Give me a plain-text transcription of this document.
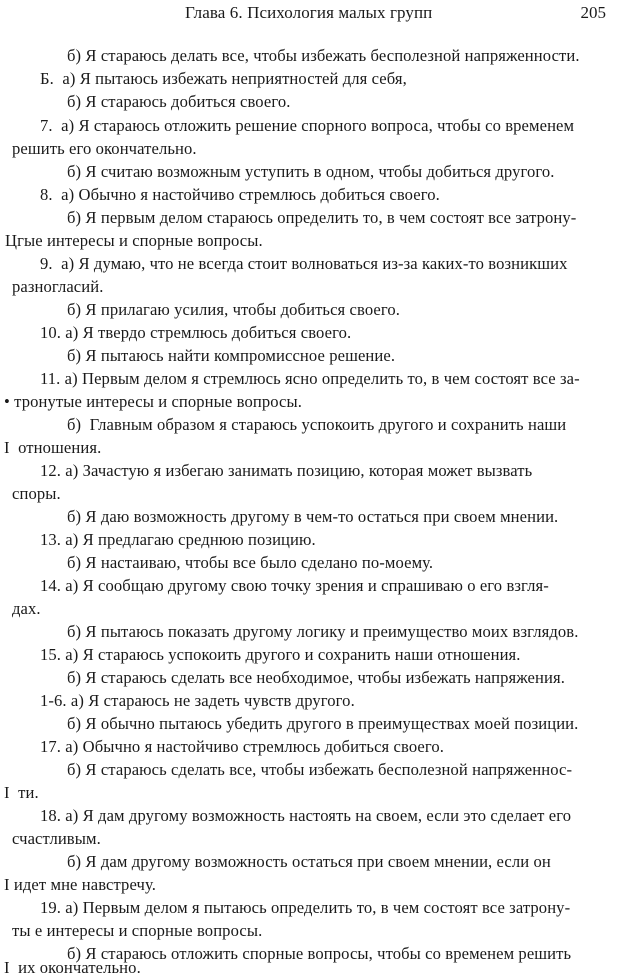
Глава 6. Психология малых групп	205
б) Я стараюсь делать все, чтобы избежать бесполезной напряженности.
Б.  а) Я пытаюсь избежать неприятностей для себя,
б) Я стараюсь добиться своего.
7.  а) Я стараюсь отложить решение спорного вопроса, чтобы со временем
решить его окончательно.
б) Я считаю возможным уступить в одном, чтобы добиться другого.
8.  а) Обычно я настойчиво стремлюсь добиться своего.
б) Я первым делом стараюсь определить то, в чем состоят все затрону-
Цгые интересы и спорные вопросы.
9.  а) Я думаю, что не всегда стоит волноваться из-за каких-то возникших
разногласий.
б) Я прилагаю усилия, чтобы добиться своего.
10. а) Я твердо стремлюсь добиться своего.
б) Я пытаюсь найти компромиссное решение.
11. а) Первым делом я стремлюсь ясно определить то, в чем состоят все за-
• тронутые интересы и спорные вопросы.
б)  Главным образом я стараюсь успокоить другого и сохранить наши
I  отношения.
12. а) Зачастую я избегаю занимать позицию, которая может вызвать
споры.
б) Я даю возможность другому в чем-то остаться при своем мнении.
13. а) Я предлагаю среднюю позицию.
б) Я настаиваю, чтобы все было сделано по-моему.
14. а) Я сообщаю другому свою точку зрения и спрашиваю о его взгля-
дах.
б) Я пытаюсь показать другому логику и преимущество моих взглядов.
15. а) Я стараюсь успокоить другого и сохранить наши отношения.
б) Я стараюсь сделать все необходимое, чтобы избежать напряжения.
1-6. а) Я стараюсь не задеть чувств другого.
б) Я обычно пытаюсь убедить другого в преимуществах моей позиции.
17. а) Обычно я настойчиво стремлюсь добиться своего.
б) Я стараюсь сделать все, чтобы избежать бесполезной напряженнос-
I  ти.
18. а) Я дам другому возможность настоять на своем, если это сделает его
счастливым.
б) Я дам другому возможность остаться при своем мнении, если он
I идет мне навстречу.
19. а) Первым делом я пытаюсь определить то, в чем состоят все затрону-
ты е интересы и спорные вопросы.
б) Я стараюсь отложить спорные вопросы, чтобы со временем решить
I  их окончательно.
